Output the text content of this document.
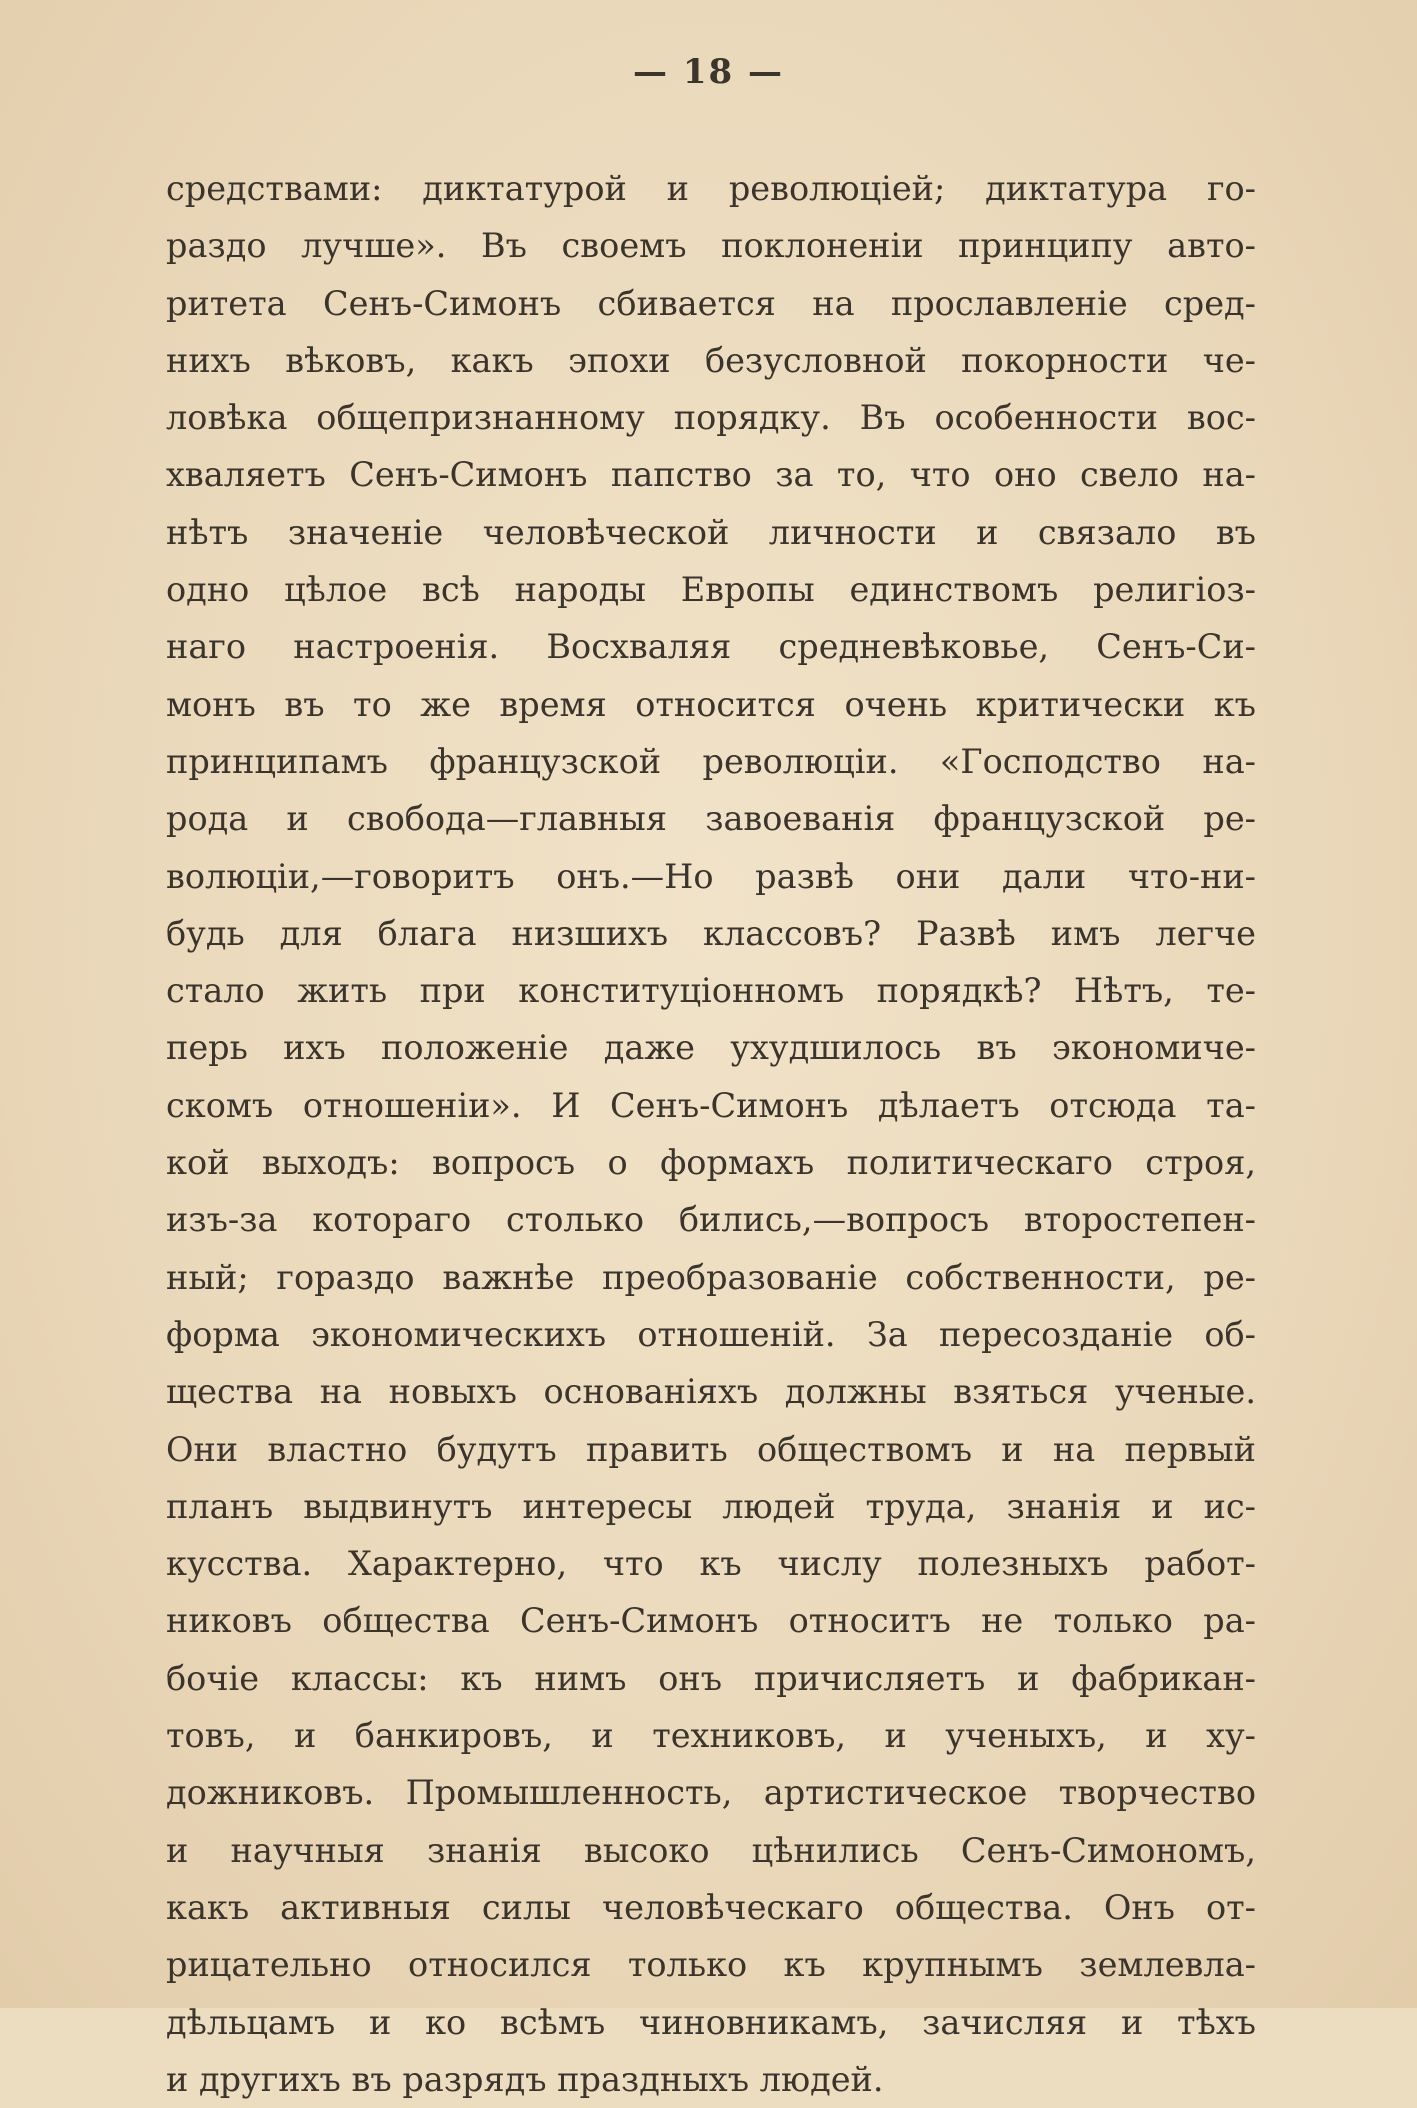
— 18 —
средствами: диктатурой и революціей; диктатура го-
раздо лучше». Въ своемъ поклоненіи принципу авто-
ритета Сенъ-Симонъ сбивается на прославленіе сред-
нихъ вѣковъ, какъ эпохи безусловной покорности че-
ловѣка общепризнанному порядку. Въ особенности вос-
хваляетъ Сенъ-Симонъ папство за то, что оно свело на-
нѣтъ значеніе человѣческой личности и связало въ
одно цѣлое всѣ народы Европы единствомъ религіоз-
наго настроенія. Восхваляя средневѣковье, Сенъ-Си-
монъ въ то же время относится очень критически къ
принципамъ французской революціи. «Господство на-
рода и свобода—главныя завоеванія французской ре-
волюціи,—говоритъ онъ.—Но развѣ они дали что-ни-
будь для блага низшихъ классовъ? Развѣ имъ легче
стало жить при конституціонномъ порядкѣ? Нѣтъ, те-
перь ихъ положеніе даже ухудшилось въ экономиче-
скомъ отношеніи». И Сенъ-Симонъ дѣлаетъ отсюда та-
кой выходъ: вопросъ о формахъ политическаго строя,
изъ-за котораго столько бились,—вопросъ второстепен-
ный; гораздо важнѣе преобразованіе собственности, ре-
форма экономическихъ отношеній. За пересозданіе об-
щества на новыхъ основаніяхъ должны взяться ученые.
Они властно будутъ править обществомъ и на первый
планъ выдвинутъ интересы людей труда, знанія и ис-
кусства. Характерно, что къ числу полезныхъ работ-
никовъ общества Сенъ-Симонъ относитъ не только ра-
бочіе классы: къ нимъ онъ причисляетъ и фабрикан-
товъ, и банкировъ, и техниковъ, и ученыхъ, и ху-
дожниковъ. Промышленность, артистическое творчество
и научныя знанія высоко цѣнились Сенъ-Симономъ,
какъ активныя силы человѣческаго общества. Онъ от-
рицательно относился только къ крупнымъ землевла-
дѣльцамъ и ко всѣмъ чиновникамъ, зачисляя и тѣхъ
и другихъ въ разрядъ праздныхъ людей.
